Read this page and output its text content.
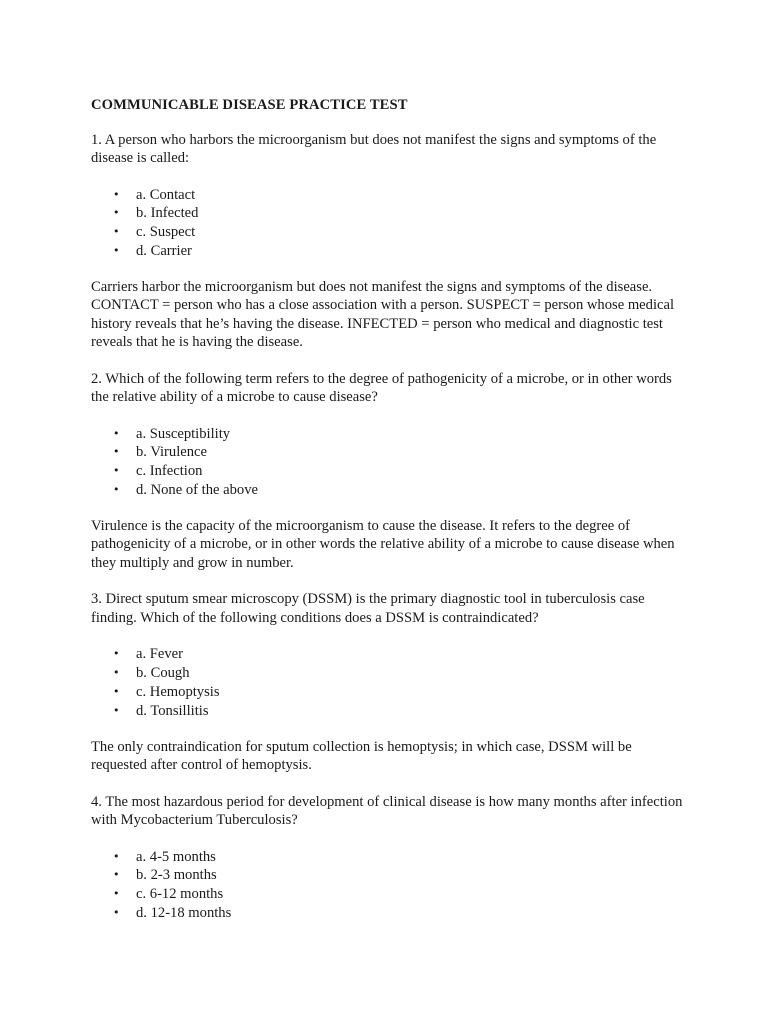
COMMUNICABLE DISEASE PRACTICE TEST

1. A person who harbors the microorganism but does not manifest the signs and symptoms of the disease is called:

• a. Contact
• b. Infected
• c. Suspect
• d. Carrier

Carriers harbor the microorganism but does not manifest the signs and symptoms of the disease. CONTACT = person who has a close association with a person. SUSPECT = person whose medical history reveals that he’s having the disease. INFECTED = person who medical and diagnostic test reveals that he is having the disease.

2. Which of the following term refers to the degree of pathogenicity of a microbe, or in other words the relative ability of a microbe to cause disease?

• a. Susceptibility
• b. Virulence
• c. Infection
• d. None of the above

Virulence is the capacity of the microorganism to cause the disease. It refers to the degree of pathogenicity of a microbe, or in other words the relative ability of a microbe to cause disease when they multiply and grow in number.

3. Direct sputum smear microscopy (DSSM) is the primary diagnostic tool in tuberculosis case finding. Which of the following conditions does a DSSM is contraindicated?

• a. Fever
• b. Cough
• c. Hemoptysis
• d. Tonsillitis

The only contraindication for sputum collection is hemoptysis; in which case, DSSM will be requested after control of hemoptysis.

4. The most hazardous period for development of clinical disease is how many months after infection with Mycobacterium Tuberculosis?

• a. 4-5 months
• b. 2-3 months
• c. 6-12 months
• d. 12-18 months
